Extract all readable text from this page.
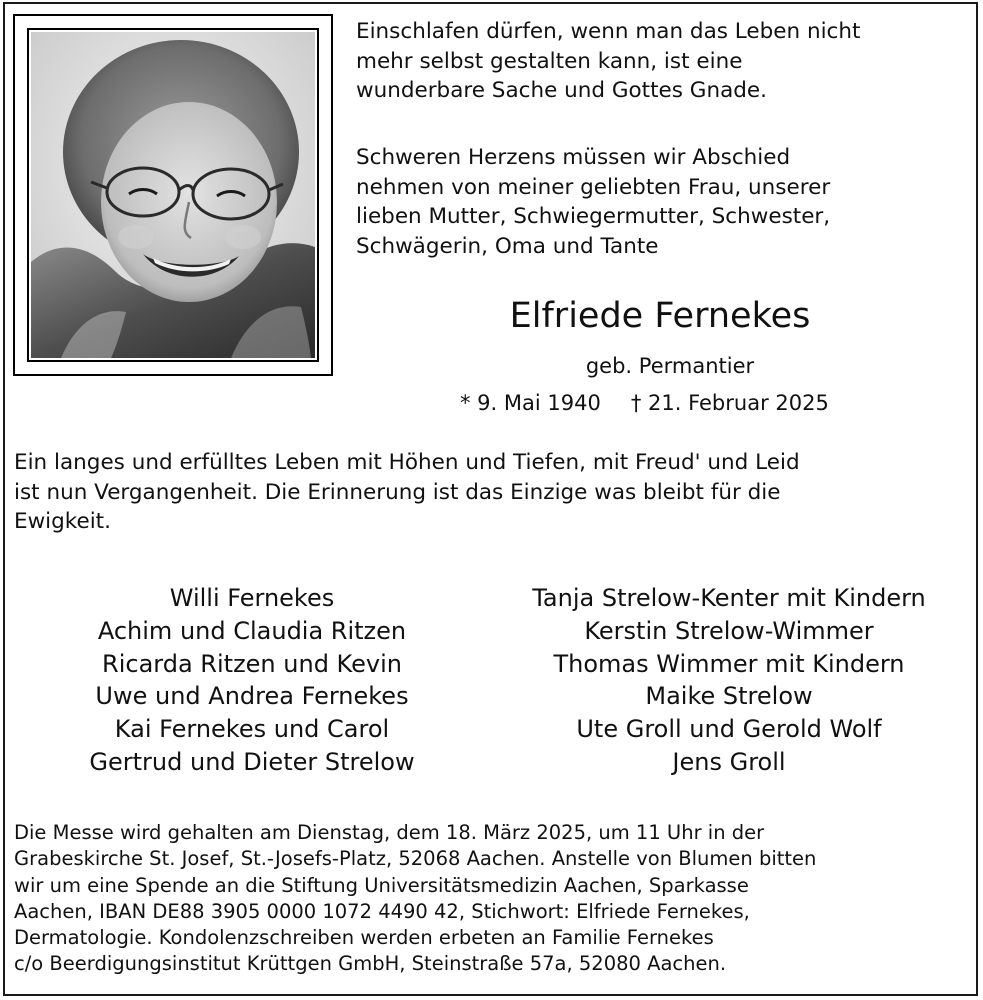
Einschlafen dürfen, wenn man das Leben nicht
mehr selbst gestalten kann, ist eine
wunderbare Sache und Gottes Gnade.

Schweren Herzens müssen wir Abschied
nehmen von meiner geliebten Frau, unserer
lieben Mutter, Schwiegermutter, Schwester,
Schwägerin, Oma und Tante

Elfriede Fernekes
geb. Permantier
* 9. Mai 1940 † 21. Februar 2025

Ein langes und erfülltes Leben mit Höhen und Tiefen, mit Freud' und Leid
ist nun Vergangenheit. Die Erinnerung ist das Einzige was bleibt für die
Ewigkeit.

Willi Fernekes
Achim und Claudia Ritzen
Ricarda Ritzen und Kevin
Uwe und Andrea Fernekes
Kai Fernekes und Carol
Gertrud und Dieter Strelow
Tanja Strelow-Kenter mit Kindern
Kerstin Strelow-Wimmer
Thomas Wimmer mit Kindern
Maike Strelow
Ute Groll und Gerold Wolf
Jens Groll

Die Messe wird gehalten am Dienstag, dem 18. März 2025, um 11 Uhr in der
Grabeskirche St. Josef, St.-Josefs-Platz, 52068 Aachen. Anstelle von Blumen bitten
wir um eine Spende an die Stiftung Universitätsmedizin Aachen, Sparkasse
Aachen, IBAN DE88 3905 0000 1072 4490 42, Stichwort: Elfriede Fernekes,
Dermatologie. Kondolenzschreiben werden erbeten an Familie Fernekes
c/o Beerdigungsinstitut Krüttgen GmbH, Steinstraße 57a, 52080 Aachen.
